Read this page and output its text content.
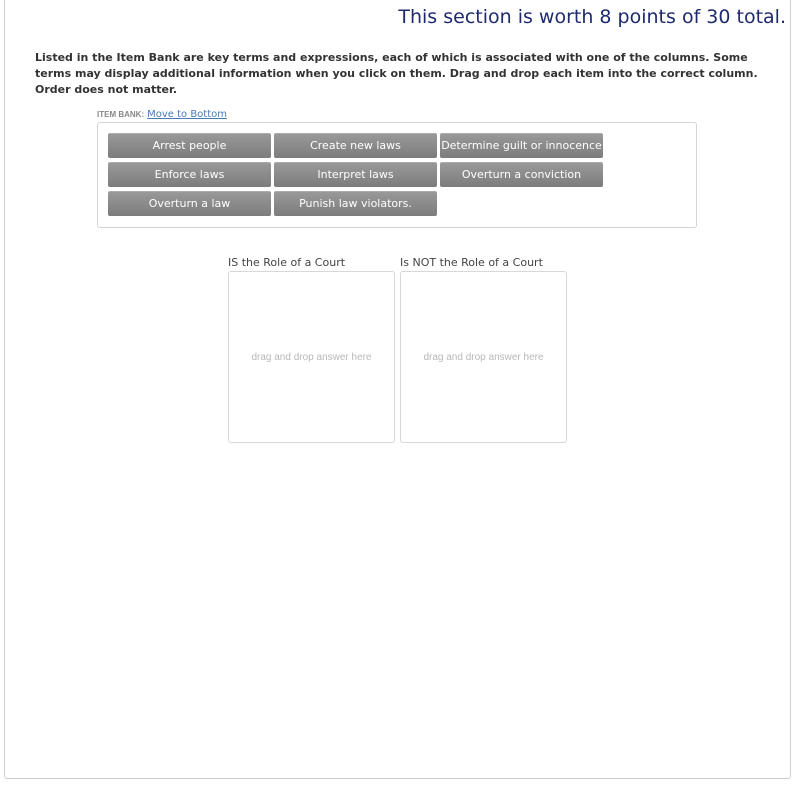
This section is worth 8 points of 30 total.

Listed in the Item Bank are key terms and expressions, each of which is associated with one of the columns. Some terms may display additional information when you click on them. Drag and drop each item into the correct column. Order does not matter.

ITEM BANK: Move to Bottom
Arrest people	Create new laws	Determine guilt or innocence
Enforce laws	Interpret laws	Overturn a conviction
Overturn a law	Punish law violators.
IS the Role of a Court	Is NOT the Role of a Court
drag and drop answer here	drag and drop answer here
